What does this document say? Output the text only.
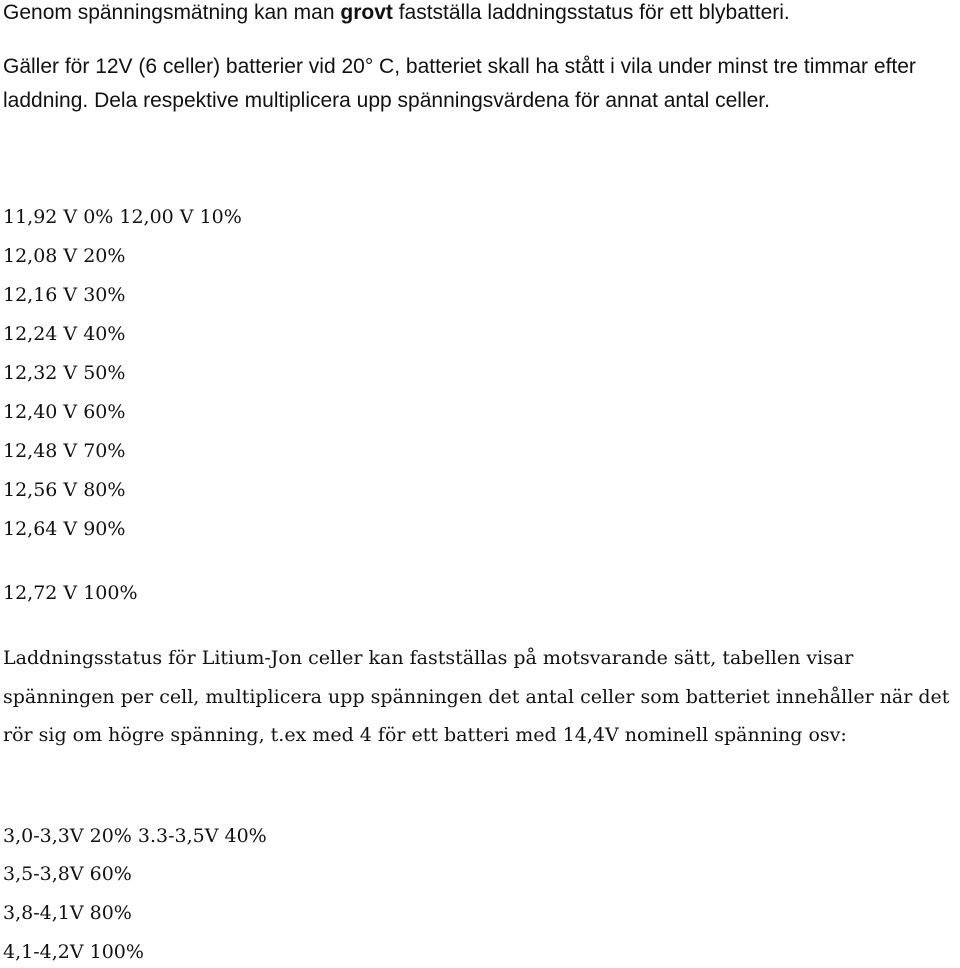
Genom spänningsmätning kan man grovt fastställa laddningsstatus för ett blybatteri.

Gäller för 12V (6 celler) batterier vid 20° C, batteriet skall ha stått i vila under minst tre timmar efter laddning. Dela respektive multiplicera upp spänningsvärdena för annat antal celler.

11,92 V 0% 12,00 V 10%
12,08 V 20%
12,16 V 30%
12,24 V 40%
12,32 V 50%
12,40 V 60%
12,48 V 70%
12,56 V 80%
12,64 V 90%
12,72 V 100%

Laddningsstatus för Litium-Jon celler kan fastställas på motsvarande sätt, tabellen visar spänningen per cell, multiplicera upp spänningen det antal celler som batteriet innehåller när det rör sig om högre spänning, t.ex med 4 för ett batteri med 14,4V nominell spänning osv:

3,0-3,3V 20% 3.3-3,5V 40%
3,5-3,8V 60%
3,8-4,1V 80%
4,1-4,2V 100%
